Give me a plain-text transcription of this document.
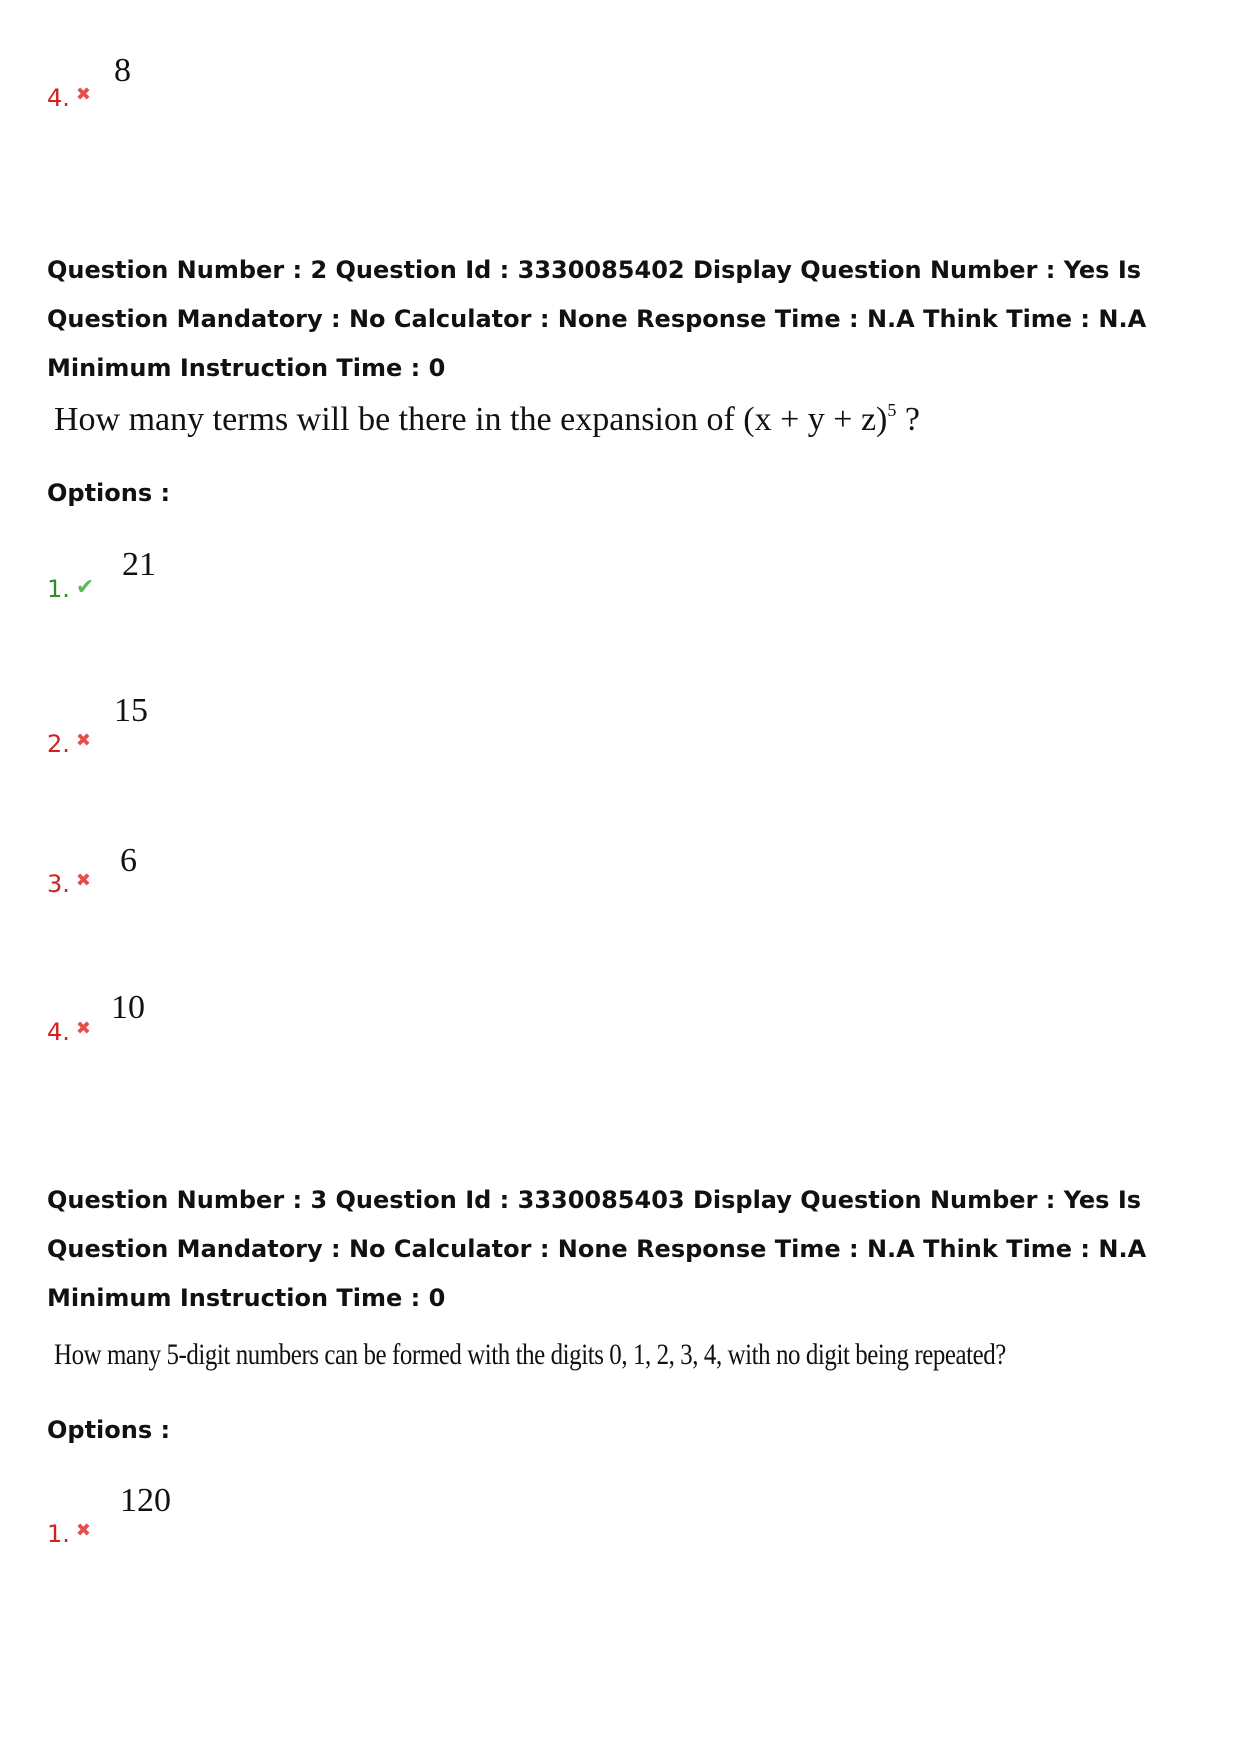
4. ✖
8
Question Number : 2 Question Id : 3330085402 Display Question Number : Yes Is Question Mandatory : No Calculator : None Response Time : N.A Think Time : N.A Minimum Instruction Time : 0
How many terms will be there in the expansion of $(x + y + z)^5$ ?
Options :
1. ✔
21
2. ✖
15
3. ✖
6
4. ✖
10
Question Number : 3 Question Id : 3330085403 Display Question Number : Yes Is Question Mandatory : No Calculator : None Response Time : N.A Think Time : N.A Minimum Instruction Time : 0
How many 5-digit numbers can be formed with the digits 0, 1, 2, 3, 4, with no digit being repeated?
Options :
1. ✖
120
